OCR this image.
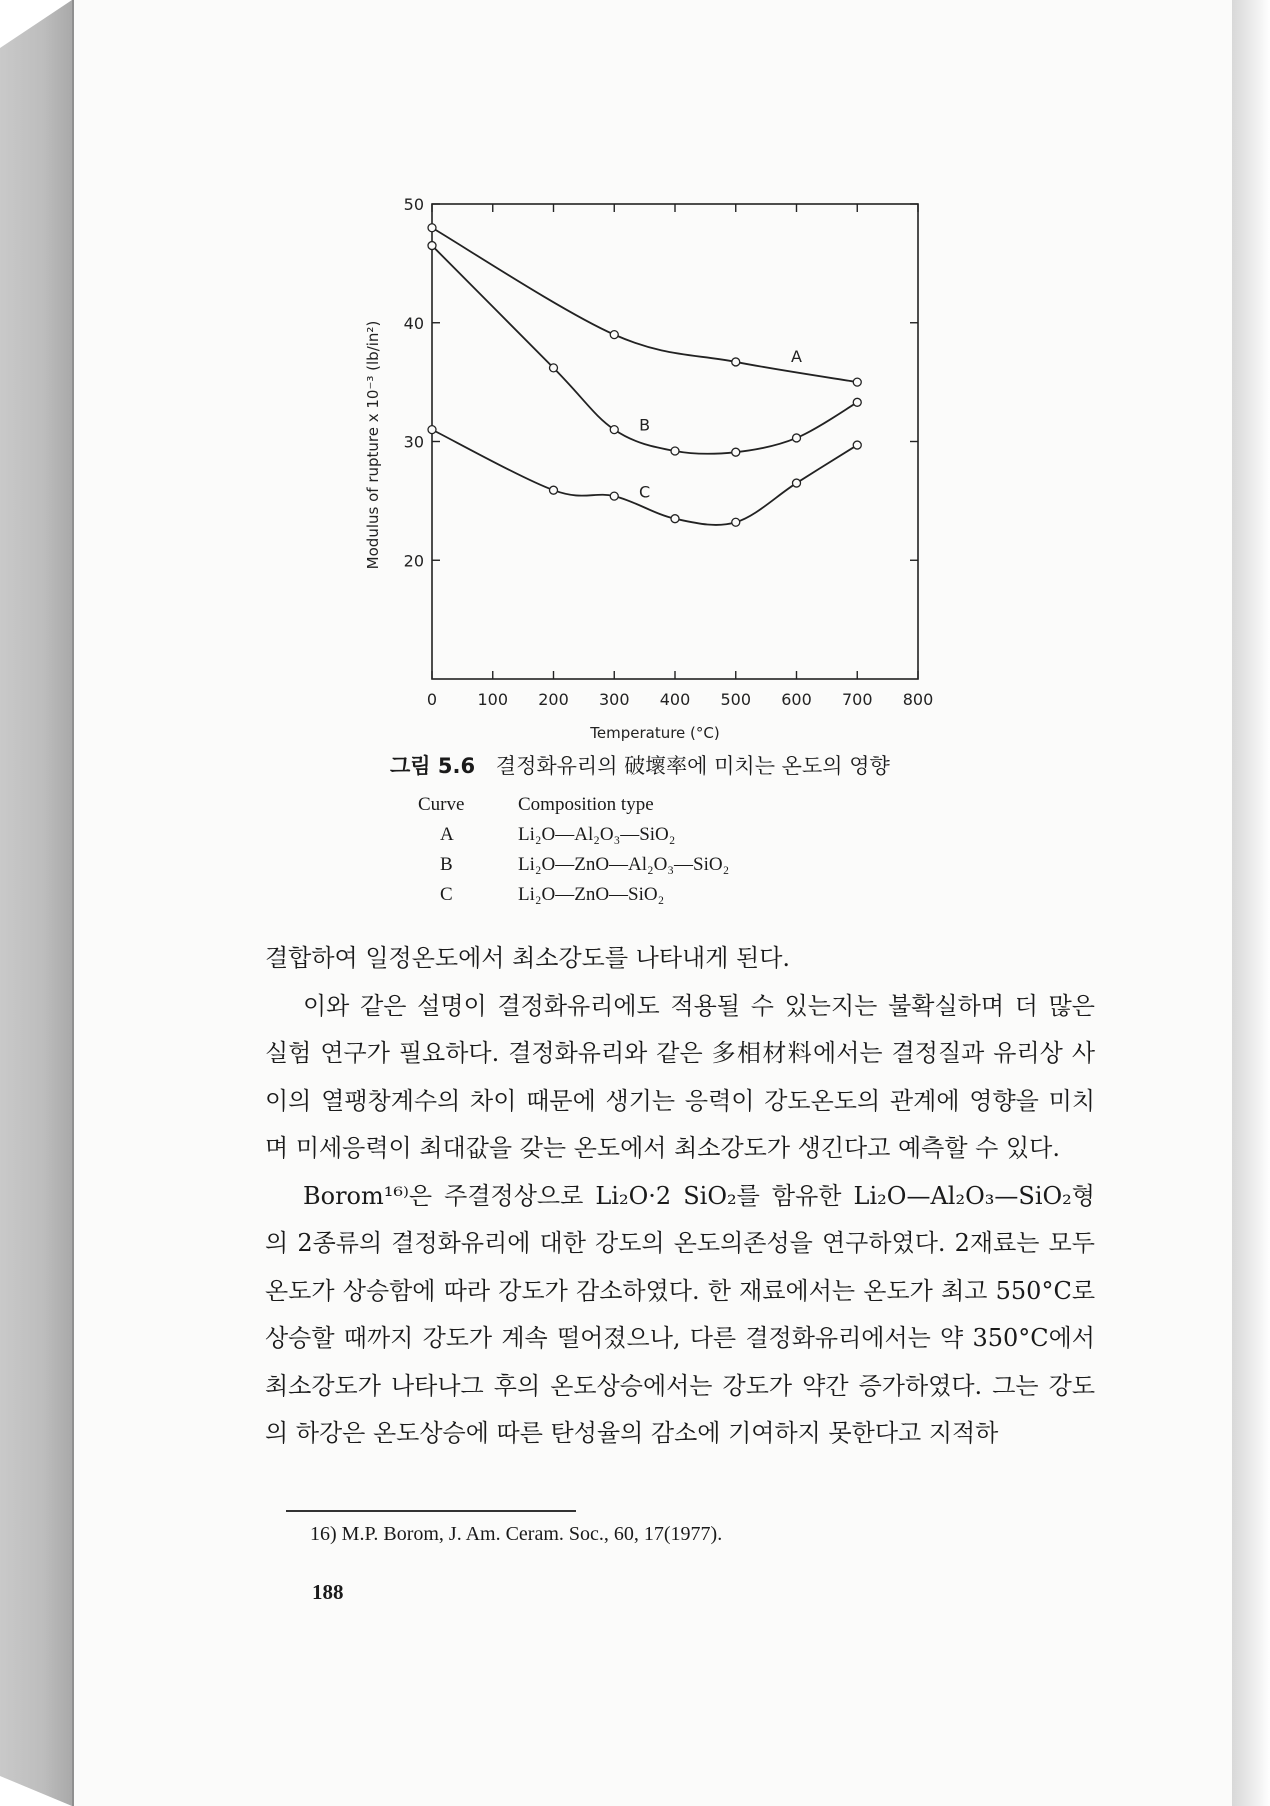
0	100 200 300 400 500 600 700 800
20
30
40
50
A
B
C
Temperature (°C)
Modulus of rupture x 10⁻³ (lb/in²)
그림 5.6 결정화유리의 破壞率에 미치는 온도의 영향
Curve	Composition type
A	Li₂O—Al₂O₃—SiO₂
B	Li₂O—ZnO—Al₂O₃—SiO₂
C	Li₂O—ZnO—SiO₂

결합하여 일정온도에서 최소강도를 나타내게 된다.

이와 같은 설명이 결정화유리에도 적용될 수 있는지는 불확실하며 더 많은 실험 연구가 필요하다. 결정화유리와 같은 多相材料에서는 결정질과 유리상 사이의 열팽창계수의 차이 때문에 생기는 응력이 강도온도의 관계에 영향을 미치며 미세응력이 최대값을 갖는 온도에서 최소강도가 생긴다고 예측할 수 있다.

Borom¹⁶⁾은 주결정상으로 Li₂O·2 SiO₂를 함유한 Li₂O—Al₂O₃—SiO₂형의 2종류의 결정화유리에 대한 강도의 온도의존성을 연구하였다. 2재료는 모두 온도가 상승함에 따라 강도가 감소하였다. 한 재료에서는 온도가 최고 550°C로 상승할 때까지 강도가 계속 떨어졌으나, 다른 결정화유리에서는 약 350°C에서 최소강도가 나타나그 후의 온도상승에서는 강도가 약간 증가하였다. 그는 강도의 하강은 온도상승에 따른 탄성율의 감소에 기여하지 못한다고 지적하

16) M.P. Borom, J. Am. Ceram. Soc., 60, 17(1977).
188
